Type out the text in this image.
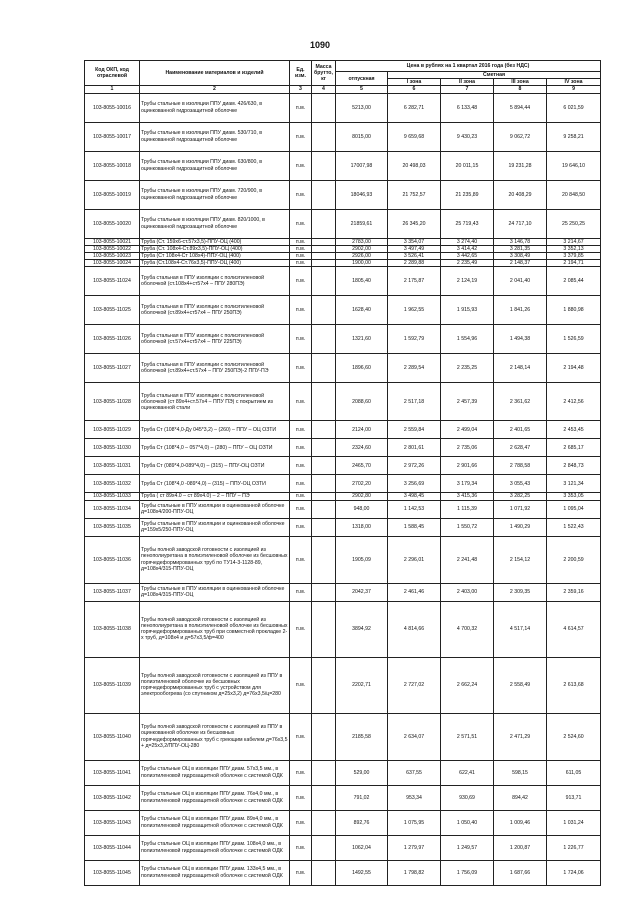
1090
Код ОКП, код отраслевой	Наименование материалов и изделий	Ед. изм.	Масса брутто, кг	Цена в рублях на 1 квартал 2016 года (без НДС)				
				отпускная	Сметная			
					I зона	II зона	III зона	IV зона
1	2	3	4	5	6	7	8	9
103-8055-10016	Трубы стальные в изоляции ППУ диам. 426/630, в оцинкованной гидрозащитной оболочке	п.м.		5213,00	6 282,71	6 133,48	5 894,44	6 021,59
103-8055-10017	Трубы стальные в изоляции ППУ диам. 530/710, в оцинкованной гидрозащитной оболочке	п.м.		8015,00	9 659,68	9 430,23	9 062,72	9 258,21
103-8055-10018	Трубы стальные в изоляции ППУ диам. 630/800, в оцинкованной гидрозащитной оболочке	п.м.		17007,98	20 498,03	20 011,15	19 231,28	19 646,10
103-8055-10019	Трубы стальные в изоляции ППУ диам. 720/900, в оцинкованной гидрозащитной оболочке	п.м.		18046,93	21 752,57	21 235,89	20 408,29	20 848,50
103-8055-10020	Трубы стальные в изоляции ППУ диам. 820/1000, в оцинкованной гидрозащитной оболочке	п.м.		21859,61	26 345,20	25 719,43	24 717,10	25 250,25
103-8055-10021	Труба (Ст. 159х6-ст.57х3,5)-ППУ-ОЦ (400)	п.м.		2783,00	3 354,07	3 274,40	3 146,78	3 214,67
103-8055-10022	Труба (Ст. 108х4-Ст.89х3,5)-ППУ-ОЦ (400)	п.м.		2902,00	3 497,49	3 414,42	3 281,35	3 352,13
103-8055-10023	Труба (Ст 108х4-Ст 108х4)-ППУ-ОЦ (400)	п.м.		2926,00	3 526,41	3 442,65	3 308,49	3 379,85
103-8055-10024	Труба (Ст.108х4-Ст.76х3,5)-ППУ-ОЦ (400)	п.м.		1900,00	2 289,88	2 235,49	2 148,37	2 194,71
103-8055-11024	Труба стальная в ППУ изоляции с полиэтиленовой оболочкой (ст.108х4+ст57х4 – ППУ 280ПЭ)	п.м.		1805,40	2 175,87	2 124,19	2 041,40	2 085,44
103-8055-11025	Труба стальная в ППУ изоляции с полиэтиленовой оболочкой (ст.89х4+ст57х4 – ППУ 250ПЭ)	п.м.		1628,40	1 962,55	1 915,93	1 841,26	1 880,98
103-8055-11026	Труба стальная в ППУ изоляции с полиэтиленовой оболочкой (ст.57х4+ст57х4 – ППУ 225ПЭ)	п.м.		1321,60	1 592,79	1 554,96	1 494,38	1 526,59
103-8055-11027	Труба стальная в ППУ изоляции с полиэтиленовой оболочкой (ст.89х4+ст.57х4 – ППУ 250ПЭ)-2 ППУ-ПЭ	п.м.		1896,60	2 289,54	2 235,25	2 148,14	2 194,48
103-8055-11028	Труба стальная в ППУ изоляции с полиэтиленовой оболочкой (ст 89х4+ст.57х4 – ППУ ПЭ) с покрытием из оцинкованной стали	п.м.		2088,60	2 517,18	2 457,39	2 361,62	2 412,56
103-8055-11029	Труба Ст (108*4,0-Ду 045*3,2) – (260) – ППУ – ОЦ ОЗТИ	п.м.		2124,00	2 559,84	2 499,04	2 401,65	2 453,45
103-8055-11030	Труба Ст (108*4,0 – 057*4,0) – (280) – ППУ – ОЦ ОЗТИ	п.м.		2324,60	2 801,61	2 735,06	2 628,47	2 685,17
103-8055-11031	Труба Ст (089*4,0-089*4,0) – (315) – ППУ-ОЦ ОЗТИ	п.м.		2465,70	2 972,26	2 901,66	2 788,58	2 848,73
103-8055-11032	Труба Ст (108*4,0 -089*4,0) – (315) – ППУ-ОЦ ОЗТИ	п.м.		2702,20	3 256,69	3 179,34	3 055,43	3 121,34
103-8055-11033	Труба ( ст 89х4.0 – ст 89х4.0) – 2 – ППУ – ПЭ	п.м.		2902,80	3 498,45	3 415,36	3 282,25	3 353,05
103-8055-11034	Трубы стальные в ППУ изоляции в оцинкованной оболочке д=108х4/200-ППУ-ОЦ	п.м.		948,00	1 142,53	1 115,39	1 071,92	1 095,04
103-8055-11035	Трубы стальные в ППУ изоляции и оцинкованной оболочке д=159х5/250-ППУ-ОЦ	п.м.		1318,00	1 588,45	1 550,72	1 490,29	1 522,43
103-8055-11036	Трубы полной заводской готовности с изоляцией из пенополиуретана в полиэтиленовой оболочке из бесшовных горячедеформированных труб по ТУ14-3-1128-89, д=108х4/315-ППУ-ОЦ	п.м.		1905,09	2 296,01	2 241,48	2 154,12	2 200,59
103-8055-11037	Трубы стальные в ППУ изоляции в оцинкованной оболочке д=108х4/315-ППУ-ОЦ	п.м.		2042,37	2 461,46	2 403,00	2 309,35	2 359,16
103-8055-11038	Трубы полной заводской готовности с изоляцией из пенополиуретана в полиэтиленовой оболочке из бесшовных горячедеформированных труб при совместной прокладке 2-х труб, д=108х4 и д=57х3,5/ф=400	п.м.		3894,92	4 814,66	4 700,32	4 517,14	4 614,57
103-8055-11039	Трубы полной заводской готовности с изоляцией из ППУ в полиэтиленовой оболочке из бесшовных горячедеформированных труб с устройством для электрообогрева (со спутником д=25х3,2) д=76х3,5/ц=280	п.м.		2202,71	2 727,02	2 662,24	2 558,49	2 613,68
103-8055-11040	Трубы полной заводской готовности с изоляцией из ППУ в оцинкованной оболочке из бесшовных горячедеформированных труб с греющим кабелем д=76х3,5 + д=25х3,2/ППУ-ОЦ-280	п.м.		2185,58	2 634,07	2 571,51	2 471,29	2 524,60
103-8055-11041	Трубы стальные ОЦ в изоляции ППУ диам. 57х3,5 мм., в полиэтиленовой гидрозащитной оболочке с системой ОДК	п.м.		529,00	637,55	622,41	598,15	611,05
103-8055-11042	Трубы стальные ОЦ в изоляции ППУ диам. 76х4,0 мм., в полиэтиленовой гидрозащитной оболочке с системой ОДК	п.м.		791,02	953,34	930,69	894,42	913,71
103-8055-11043	Трубы стальные ОЦ в изоляции ППУ диам. 89х4,0 мм., в полиэтиленовой гидрозащитной оболочке с системой ОДК	п.м.		892,76	1 075,95	1 050,40	1 009,46	1 031,24
103-8055-11044	Трубы стальные ОЦ в изоляции ППУ диам. 108х4,0 мм., в полиэтиленовой гидрозащитной оболочке с системой ОДК	п.м.		1062,04	1 279,97	1 249,57	1 200,87	1 226,77
103-8055-11045	Трубы стальные ОЦ в изоляции ППУ диам. 133х4,5 мм., в полиэтиленовой гидрозащитной оболочке с системой ОДК	п.м.		1492,55	1 798,82	1 756,09	1 687,66	1 724,06
